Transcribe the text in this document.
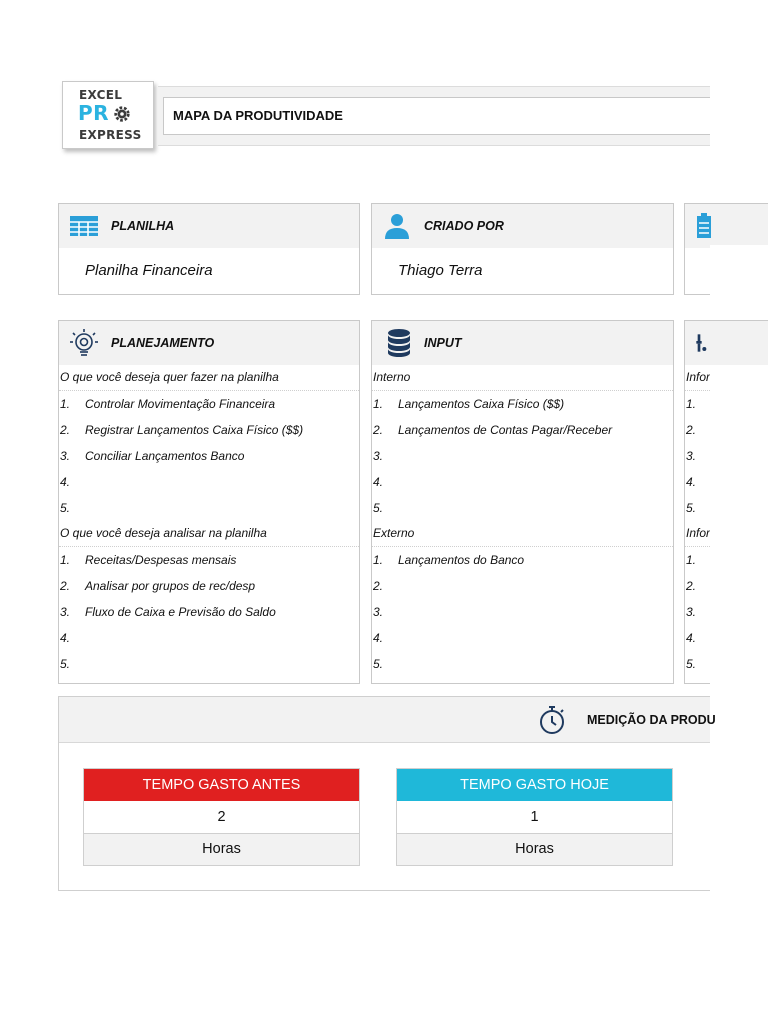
EXCEL
PR
EXPRESS
MAPA DA PRODUTIVIDADE
PLANILHA
Planilha Financeira
CRIADO POR
Thiago Terra
PLANEJAMENTO
O que você deseja quer fazer na planilha
1. Controlar Movimentação Financeira
2. Registrar Lançamentos Caixa Físico ($$)
3. Conciliar Lançamentos Banco
4.
5.
O que você deseja analisar na planilha
1. Receitas/Despesas mensais
2. Analisar por grupos de rec/desp
3. Fluxo de Caixa e Previsão do Saldo
4.
5.
INPUT
Interno
1. Lançamentos Caixa Físico ($$)
2. Lançamentos de Contas Pagar/Receber
3.
4.
5.
Externo
1. Lançamentos do Banco
2.
3.
4.
5.
Infor
1.
2.
3.
4.
5.
Infor
1.
2.
3.
4.
5.
MEDIÇÃO DA PRODU
TEMPO GASTO ANTES
2
Horas
TEMPO GASTO HOJE
1
Horas
